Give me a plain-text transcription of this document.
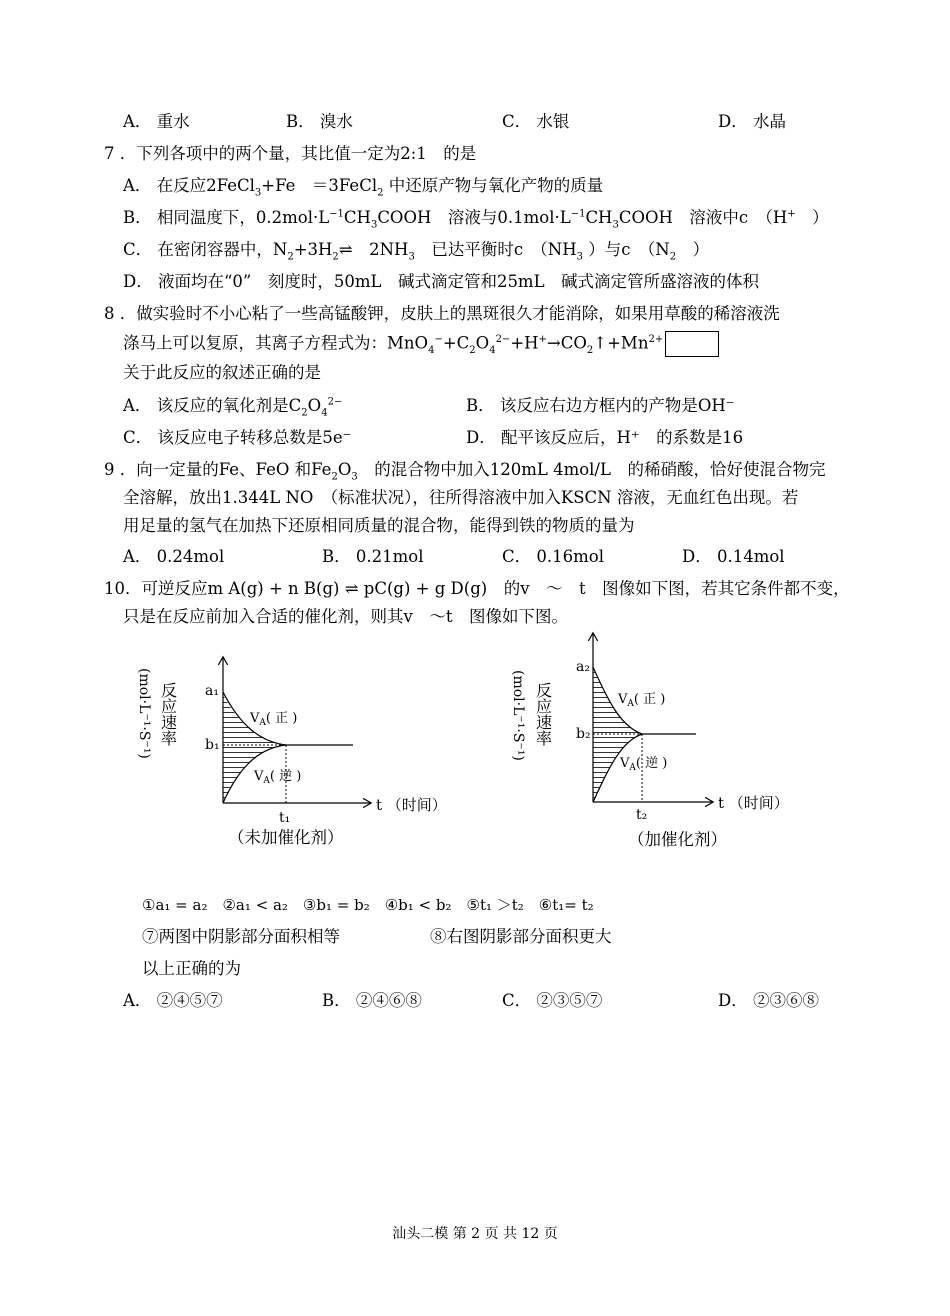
A． 重水	B． 溴水	C． 水银	D． 水晶
7 ．下列各项中的两个量，其比值一定为2:1　的是
A． 在反应2FeCl$_3$+Fe　＝3FeCl$_2$ 中还原产物与氧化产物的质量
B． 相同温度下，$0.2mol\cdot L^{-1}CH_3COOH$　溶液与$0.1mol\cdot L^{-1}CH_3COOH$　溶液中c　（H+　）
C． 在密闭容器中，$N_2+3H_2\rightleftharpoons$　$2NH_3$　已达平衡时c　（$NH_3$ ）与c　（$N_2$　）
D． 液面均在“0”　刻度时，50mL　碱式滴定管和25mL　碱式滴定管所盛溶液的体积
8 ．做实验时不小心粘了一些高锰酸钾，皮肤上的黑斑很久才能消除，如果用草酸的稀溶液洗
涤马上可以复原，其离子方程式为：$MnO_4^-+C_2O_4^{2-}+H^+\to CO_2↑+Mn^{2+}$
关于此反应的叙述正确的是
A． 该反应的氧化剂是$C_2O_4^{2-}$	B． 该反应右边方框内的产物是OH⁻
C． 该反应电子转移总数是5e⁻	D． 配平该反应后，H⁺　的系数是16
9 ．向一定量的Fe、FeO 和$Fe_2O_3$　的混合物中加入120mL 4mol/L　的稀硝酸，恰好使混合物完
全溶解，放出1.344L NO　（标准状况），往所得溶液中加入KSCN 溶液，无血红色出现。若
用足量的氢气在加热下还原相同质量的混合物，能得到铁的物质的量为
A． 0.24mol	B． 0.21mol	C． 0.16mol	D． 0.14mol
10．可逆反应m A(g) + n B(g) ⇌ pC(g) + g D(g)　的v　～　t　图像如下图，若其它条件都不变，
只是在反应前加入合适的催化剂，则其v　～t　图像如下图。
a₁
b₁
t₁
$V_A$( 正 )
$V_A$( 逆 )
t （时间）
反应速率
(mol·L⁻¹·S⁻¹)
（未加催化剂）
a₂
b₂
t₂
$V_A$( 正 )
$V_A$( 逆 )
t （时间）
反应速率
(mol·L⁻¹·S⁻¹)
（加催化剂）
①a₁ = a₂　②a₁ < a₂　③b₁ = b₂　④b₁ < b₂　⑤t₁ ＞t₂　⑥t₁= t₂
⑦两图中阴影部分面积相等	⑧右图阴影部分面积更大
以上正确的为
A． ②④⑤⑦	B． ②④⑥⑧	C． ②③⑤⑦	D． ②③⑥⑧
汕头二模 第 2 页 共 12 页
